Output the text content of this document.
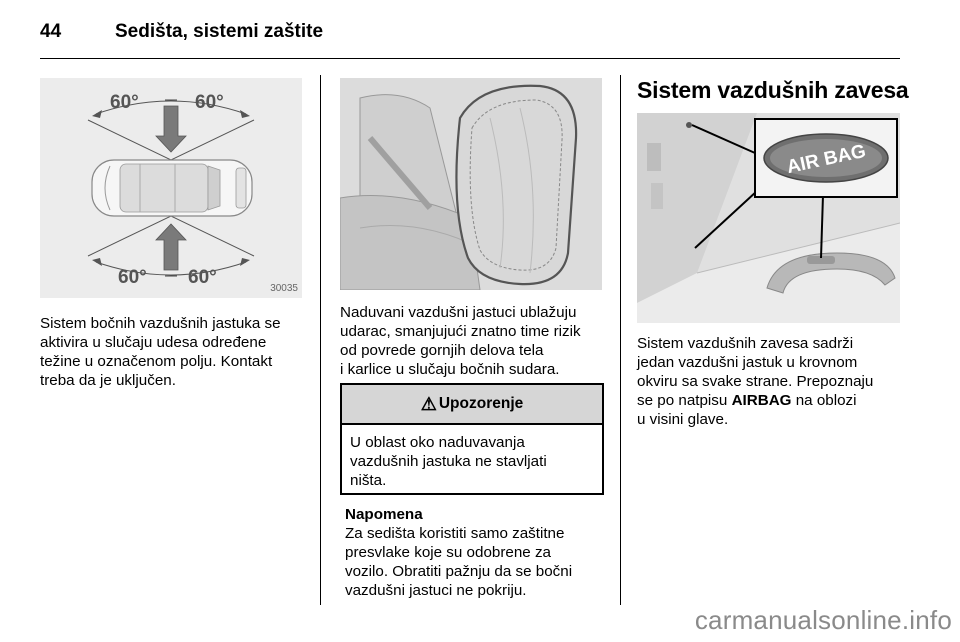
44	Sedišta, sistemi zaštite
60°	60°
60° 60°
30035
Sistem bočnih vazdušnih jastuka se
aktivira u slučaju udesa određene
težine u označenom polju. Kontakt
treba da je uključen.
Naduvani vazdušni jastuci ublažuju
udarac, smanjujući znatno time rizik
od povrede gornjih delova tela
i karlice u slučaju bočnih sudara.
⚠ Upozorenje
U oblast oko naduvavanja
vazdušnih jastuka ne stavljati
ništa.
Napomena
Za sedišta koristiti samo zaštitne
presvlake koje su odobrene za
vozilo. Obratiti pažnju da se bočni
vazdušni jastuci ne pokriju.
Sistem vazdušnih zavesa
AIR BAG
Sistem vazdušnih zavesa sadrži
jedan vazdušni jastuk u krovnom
okviru sa svake strane. Prepoznaju
se po natpisu AIRBAG na oblozi
u visini glave.
carmanualsonline.info
